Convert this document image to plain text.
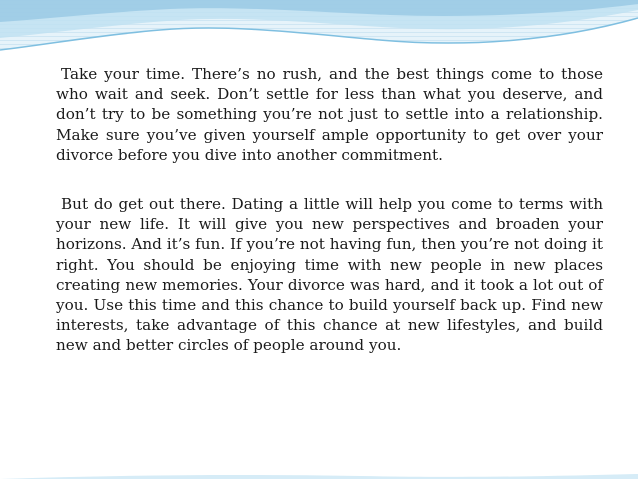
Take your time. There’s no rush, and the best things come to those who wait and seek. Don’t settle for less than what you deserve, and don’t try to be something you’re not just to settle into a relationship. Make sure you’ve given yourself ample opportunity to get over your divorce before you dive into another commitment.

But do get out there. Dating a little will help you come to terms with your new life. It will give you new perspectives and broaden your horizons. And it’s fun. If you’re not having fun, then you’re not doing it right. You should be enjoying time with new people in new places creating new memories. Your divorce was hard, and it took a lot out of you. Use this time and this chance to build yourself back up. Find new interests, take advantage of this chance at new lifestyles, and build new and better circles of people around you.
